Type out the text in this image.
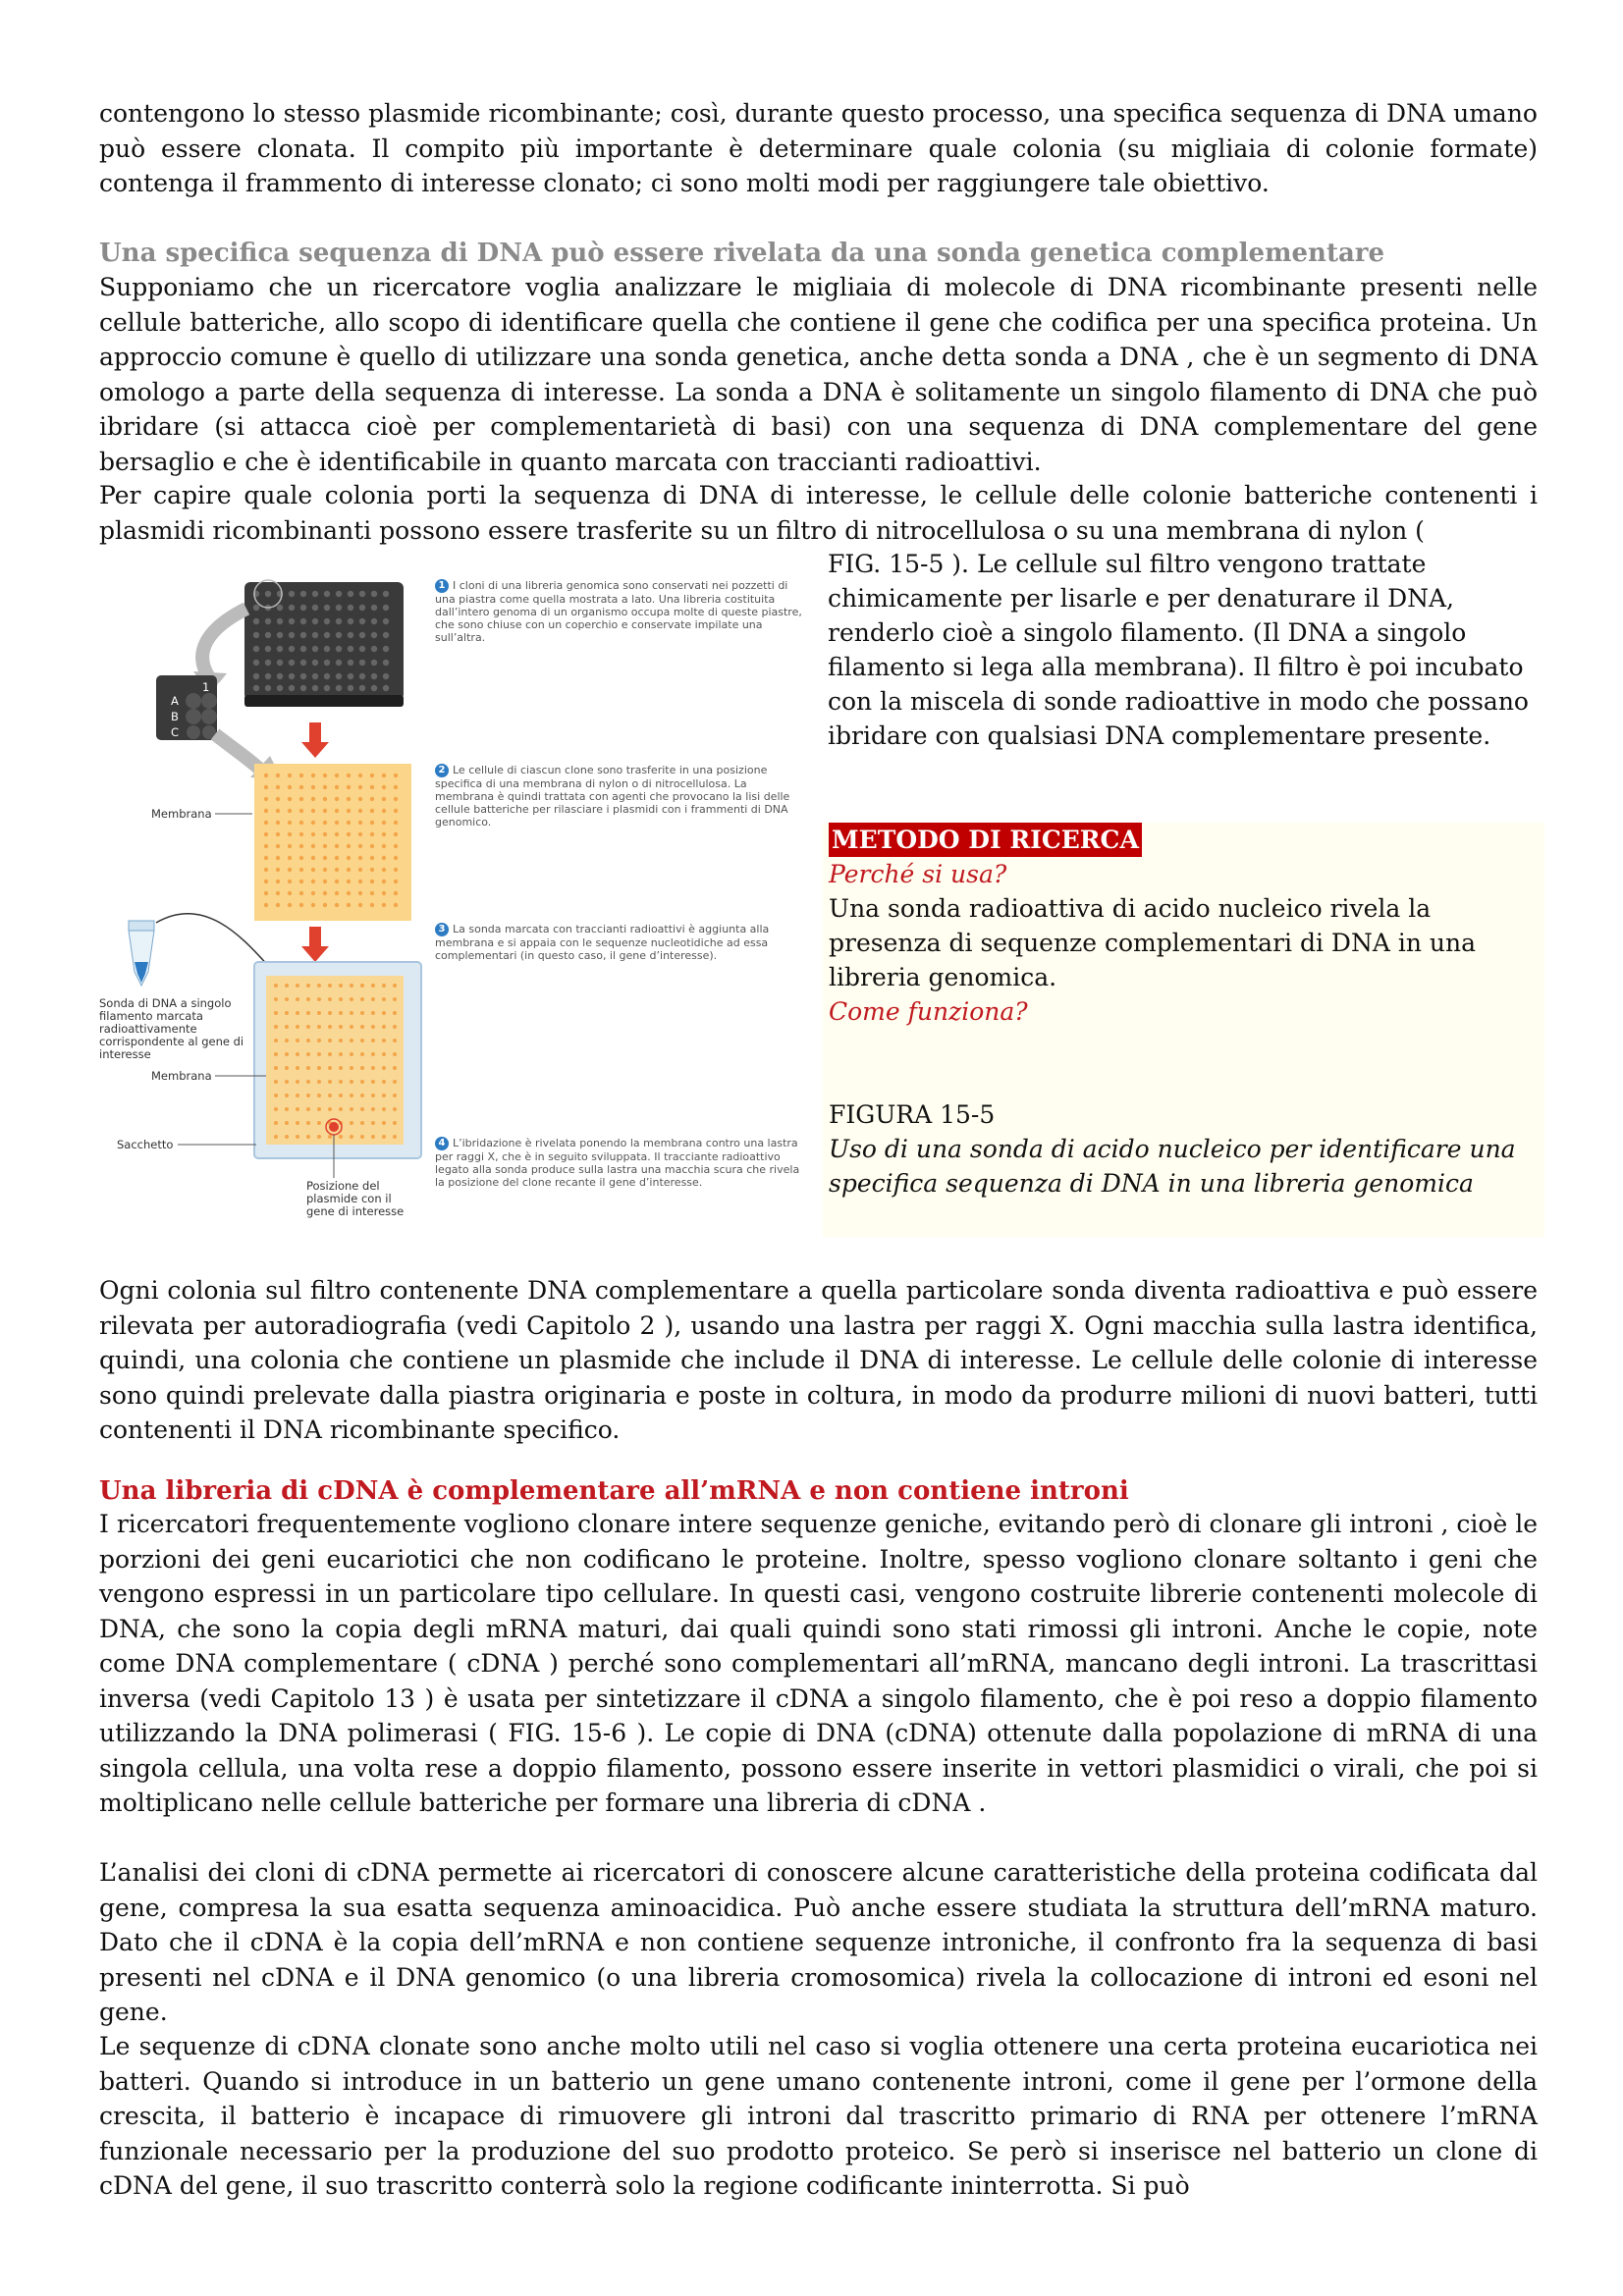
contengono lo stesso plasmide ricombinante; così, durante questo processo, una specifica sequenza di DNA umano può essere clonata. Il compito più importante è determinare quale colonia (su migliaia di colonie formate) contenga il frammento di interesse clonato; ci sono molti modi per raggiungere tale obiettivo.

Una specifica sequenza di DNA può essere rivelata da una sonda genetica complementare

Supponiamo che un ricercatore voglia analizzare le migliaia di molecole di DNA ricombinante presenti nelle cellule batteriche, allo scopo di identificare quella che contiene il gene che codifica per una specifica proteina. Un approccio comune è quello di utilizzare una sonda genetica, anche detta sonda a DNA , che è un segmento di DNA omologo a parte della sequenza di interesse. La sonda a DNA è solitamente un singolo filamento di DNA che può ibridare (si attacca cioè per complementarietà di basi) con una sequenza di DNA complementare del gene bersaglio e che è identificabile in quanto marcata con traccianti radioattivi.

Per capire quale colonia porti la sequenza di DNA di interesse, le cellule delle colonie batteriche contenenti i plasmidi ricombinanti possono essere trasferite su un filtro di nitrocellulosa o su una membrana di nylon (

FIG. 15-5 ). Le cellule sul filtro vengono trattate chimicamente per lisarle e per denaturare il DNA, renderlo cioè a singolo filamento. (Il DNA a singolo filamento si lega alla membrana). Il filtro è poi incubato con la miscela di sonde radioattive in modo che possano ibridare con qualsiasi DNA complementare presente.

1 2
A
B
C
Membrana
Sonda di DNA a singolo filamento marcata radioattivamente corrispondente al gene di interesse
Membrana
Sacchetto
Posizione del plasmide con il gene di interesse
1 I cloni di una libreria genomica sono conservati nei pozzetti di una piastra come quella mostrata a lato. Una libreria costituita dall’intero genoma di un organismo occupa molte di queste piastre, che sono chiuse con un coperchio e conservate impilate una sull’altra.
2 Le cellule di ciascun clone sono trasferite in una posizione specifica di una membrana di nylon o di nitrocellulosa. La membrana è quindi trattata con agenti che provocano la lisi delle cellule batteriche per rilasciare i plasmidi con i frammenti di DNA genomico.
3 La sonda marcata con traccianti radioattivi è aggiunta alla membrana e si appaia con le sequenze nucleotidiche ad essa complementari (in questo caso, il gene d’interesse).
4 L’ibridazione è rivelata ponendo la membrana contro una lastra per raggi X, che è in seguito sviluppata. Il tracciante radioattivo legato alla sonda produce sulla lastra una macchia scura che rivela la posizione del clone recante il gene d’interesse.
METODO DI RICERCA
Perché si usa?
Una sonda radioattiva di acido nucleico rivela la presenza di sequenze complementari di DNA in una libreria genomica.
Come funziona?
FIGURA 15-5
Uso di una sonda di acido nucleico per identificare una specifica sequenza di DNA in una libreria genomica

Ogni colonia sul filtro contenente DNA complementare a quella particolare sonda diventa radioattiva e può essere rilevata per autoradiografia (vedi Capitolo 2 ), usando una lastra per raggi X. Ogni macchia sulla lastra identifica, quindi, una colonia che contiene un plasmide che include il DNA di interesse. Le cellule delle colonie di interesse sono quindi prelevate dalla piastra originaria e poste in coltura, in modo da produrre milioni di nuovi batteri, tutti contenenti il DNA ricombinante specifico.

Una libreria di cDNA è complementare all’mRNA e non contiene introni

I ricercatori frequentemente vogliono clonare intere sequenze geniche, evitando però di clonare gli introni , cioè le porzioni dei geni eucariotici che non codificano le proteine. Inoltre, spesso vogliono clonare soltanto i geni che vengono espressi in un particolare tipo cellulare. In questi casi, vengono costruite librerie contenenti molecole di DNA, che sono la copia degli mRNA maturi, dai quali quindi sono stati rimossi gli introni. Anche le copie, note come DNA complementare ( cDNA ) perché sono complementari all’mRNA, mancano degli introni. La trascrittasi inversa (vedi Capitolo 13 ) è usata per sintetizzare il cDNA a singolo filamento, che è poi reso a doppio filamento utilizzando la DNA polimerasi ( FIG. 15-6 ). Le copie di DNA (cDNA) ottenute dalla popolazione di mRNA di una singola cellula, una volta rese a doppio filamento, possono essere inserite in vettori plasmidici o virali, che poi si moltiplicano nelle cellule batteriche per formare una libreria di cDNA .

L’analisi dei cloni di cDNA permette ai ricercatori di conoscere alcune caratteristiche della proteina codificata dal gene, compresa la sua esatta sequenza aminoacidica. Può anche essere studiata la struttura dell’mRNA maturo. Dato che il cDNA è la copia dell’mRNA e non contiene sequenze introniche, il confronto fra la sequenza di basi presenti nel cDNA e il DNA genomico (o una libreria cromosomica) rivela la collocazione di introni ed esoni nel gene.

Le sequenze di cDNA clonate sono anche molto utili nel caso si voglia ottenere una certa proteina eucariotica nei batteri. Quando si introduce in un batterio un gene umano contenente introni, come il gene per l’ormone della crescita, il batterio è incapace di rimuovere gli introni dal trascritto primario di RNA per ottenere l’mRNA funzionale necessario per la produzione del suo prodotto proteico. Se però si inserisce nel batterio un clone di cDNA del gene, il suo trascritto conterrà solo la regione codificante ininterrotta. Si può
